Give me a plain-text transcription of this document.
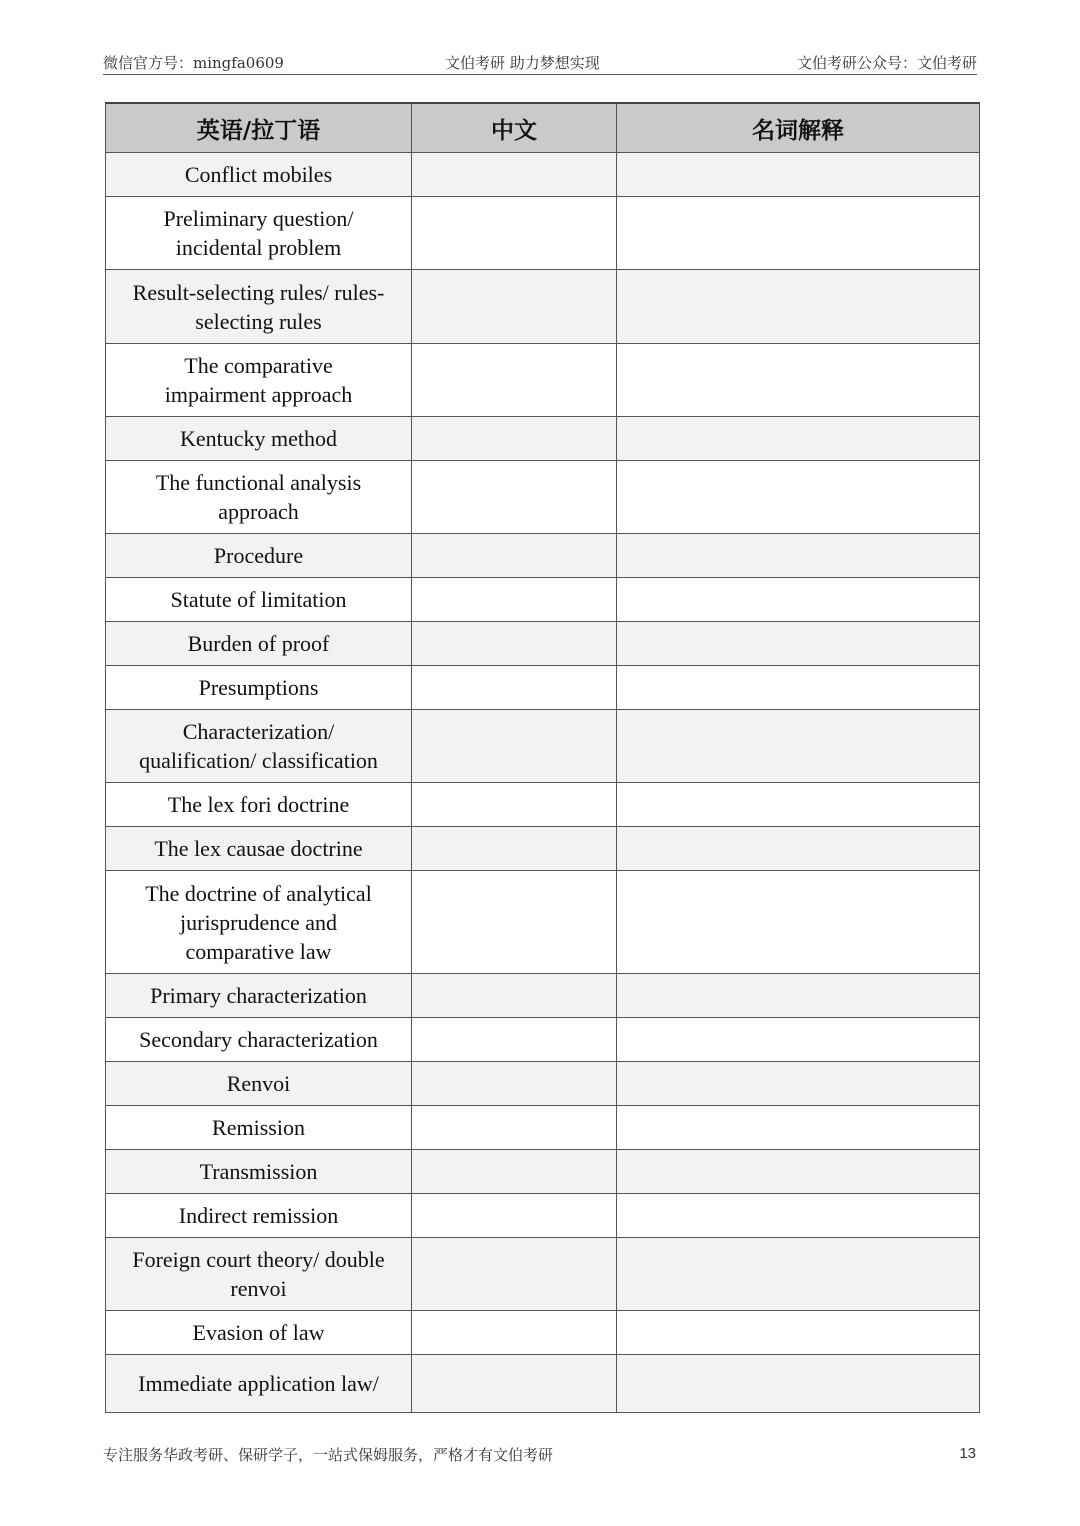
微信官方号：mingfa0609	文伯考研 助力梦想实现	文伯考研公众号：文伯考研
英语/拉丁语	中文	名词解释

Conflict mobiles		

Preliminary question/
incidental problem		

Result-selecting rules/ rules-
selecting rules		

The comparative
impairment approach		

Kentucky method		

The functional analysis
approach		

Procedure		

Statute of limitation		

Burden of proof		

Presumptions		

Characterization/
qualification/ classification		

The lex fori doctrine		

The lex causae doctrine		

The doctrine of analytical
jurisprudence and
comparative law		

Primary characterization		

Secondary characterization		

Renvoi		

Remission		

Transmission		

Indirect remission		

Foreign court theory/ double
renvoi		

Evasion of law		

Immediate application law/		

专注服务华政考研、保研学子，一站式保姆服务，严格才有文伯考研	13
